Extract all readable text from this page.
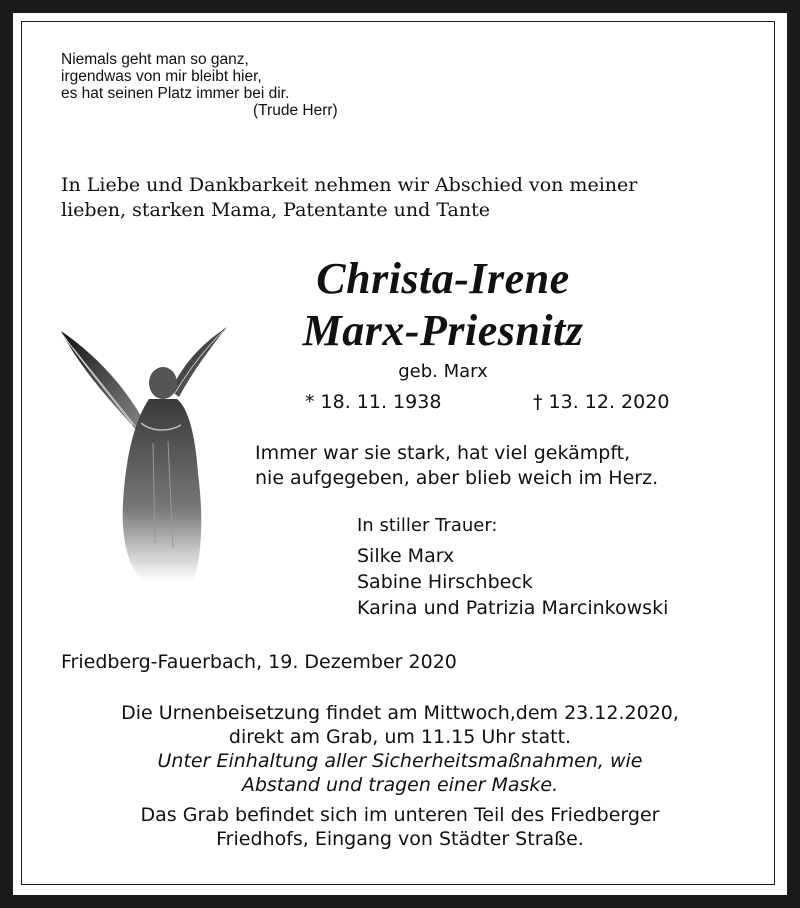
Niemals geht man so ganz,
irgendwas von mir bleibt hier,
es hat seinen Platz immer bei dir.
(Trude Herr)
In Liebe und Dankbarkeit nehmen wir Abschied von meiner
lieben, starken Mama, Patentante und Tante
Christa-Irene
Marx-Priesnitz
geb. Marx
* 18. 11. 1938	† 13. 12. 2020
Immer war sie stark, hat viel gekämpft,
nie aufgegeben, aber blieb weich im Herz.
In stiller Trauer:
Silke Marx
Sabine Hirschbeck
Karina und Patrizia Marcinkowski
Friedberg-Fauerbach, 19. Dezember 2020

Die Urnenbeisetzung findet am Mittwoch,dem 23.12.2020,

direkt am Grab, um 11.15 Uhr statt.

Unter Einhaltung aller Sicherheitsmaßnahmen, wie

Abstand und tragen einer Maske.

Das Grab befindet sich im unteren Teil des Friedberger

Friedhofs, Eingang von Städter Straße.
